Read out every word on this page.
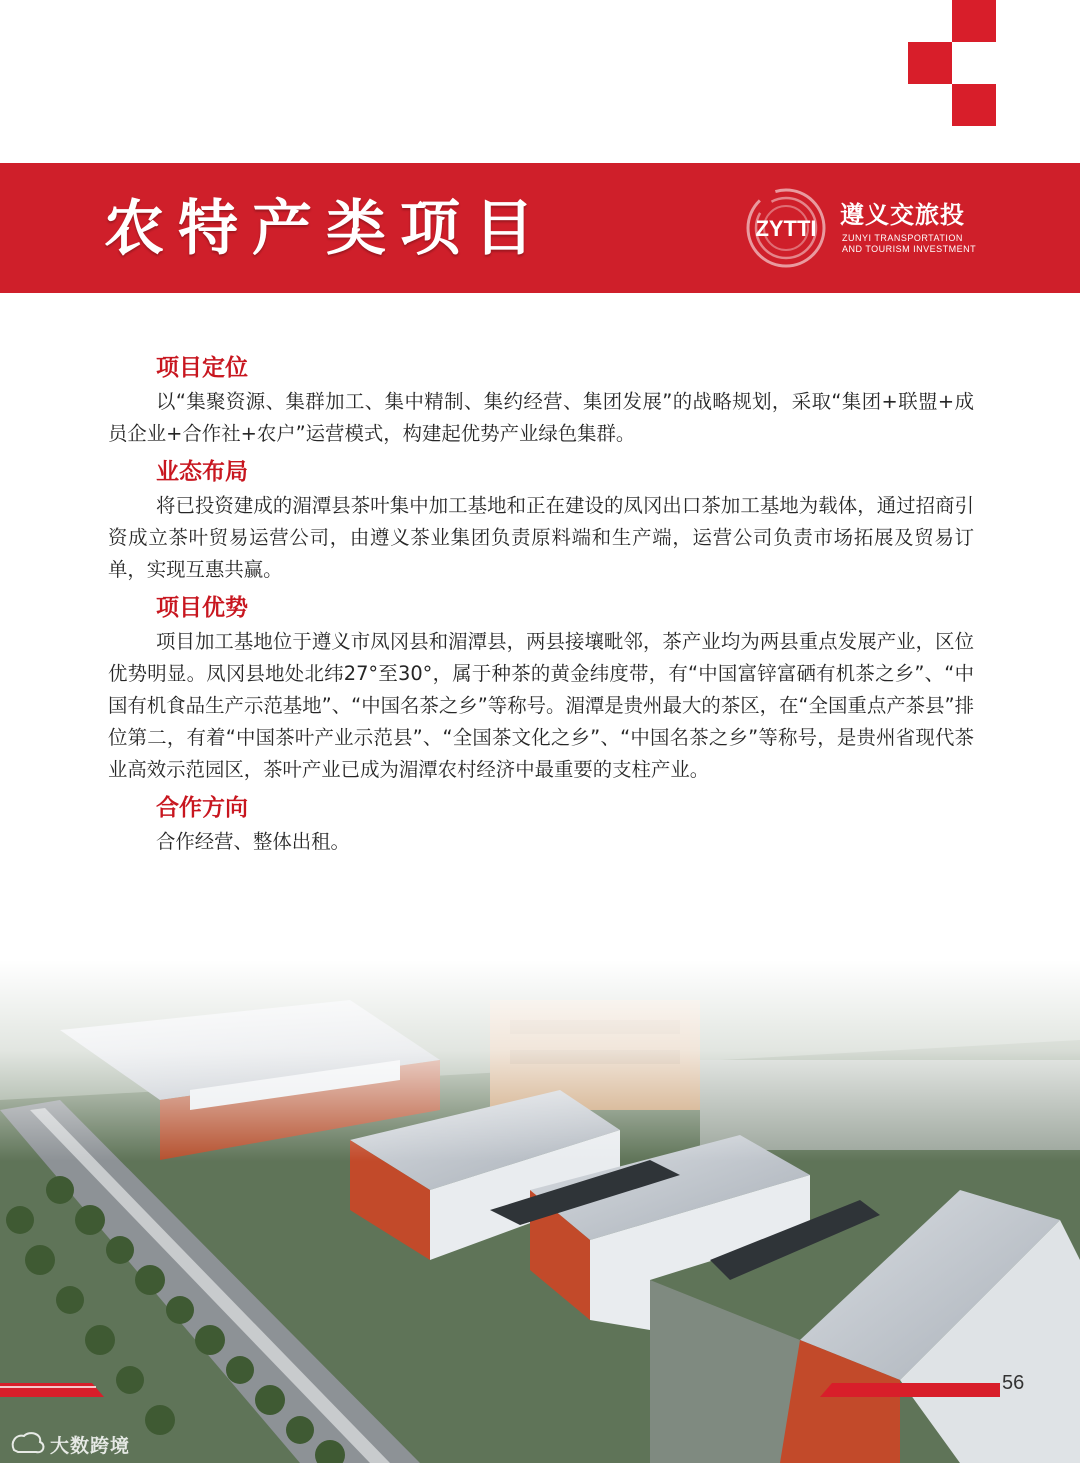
农特产类项目	ZYTTI 遵义交旅投
ZUNYI TRANSPORTATION
AND TOURISM INVESTMENT
项目定位

以“集聚资源、集群加工、集中精制、集约经营、集团发展”的战略规划，采取“集团+联盟+成员企业+合作社+农户”运营模式，构建起优势产业绿色集群。

业态布局

将已投资建成的湄潭县茶叶集中加工基地和正在建设的凤冈出口茶加工基地为载体，通过招商引资成立茶叶贸易运营公司，由遵义茶业集团负责原料端和生产端，运营公司负责市场拓展及贸易订单，实现互惠共赢。

项目优势

项目加工基地位于遵义市凤冈县和湄潭县，两县接壤毗邻，茶产业均为两县重点发展产业，区位优势明显。凤冈县地处北纬27°至30°，属于种茶的黄金纬度带，有“中国富锌富硒有机茶之乡”、“中国有机食品生产示范基地”、“中国名茶之乡”等称号。湄潭是贵州最大的茶区，在“全国重点产茶县”排位第二，有着“中国茶叶产业示范县”、“全国茶文化之乡”、“中国名茶之乡”等称号，是贵州省现代茶业高效示范园区，茶叶产业已成为湄潭农村经济中最重要的支柱产业。

合作方向

合作经营、整体出租。

56
大数跨境
